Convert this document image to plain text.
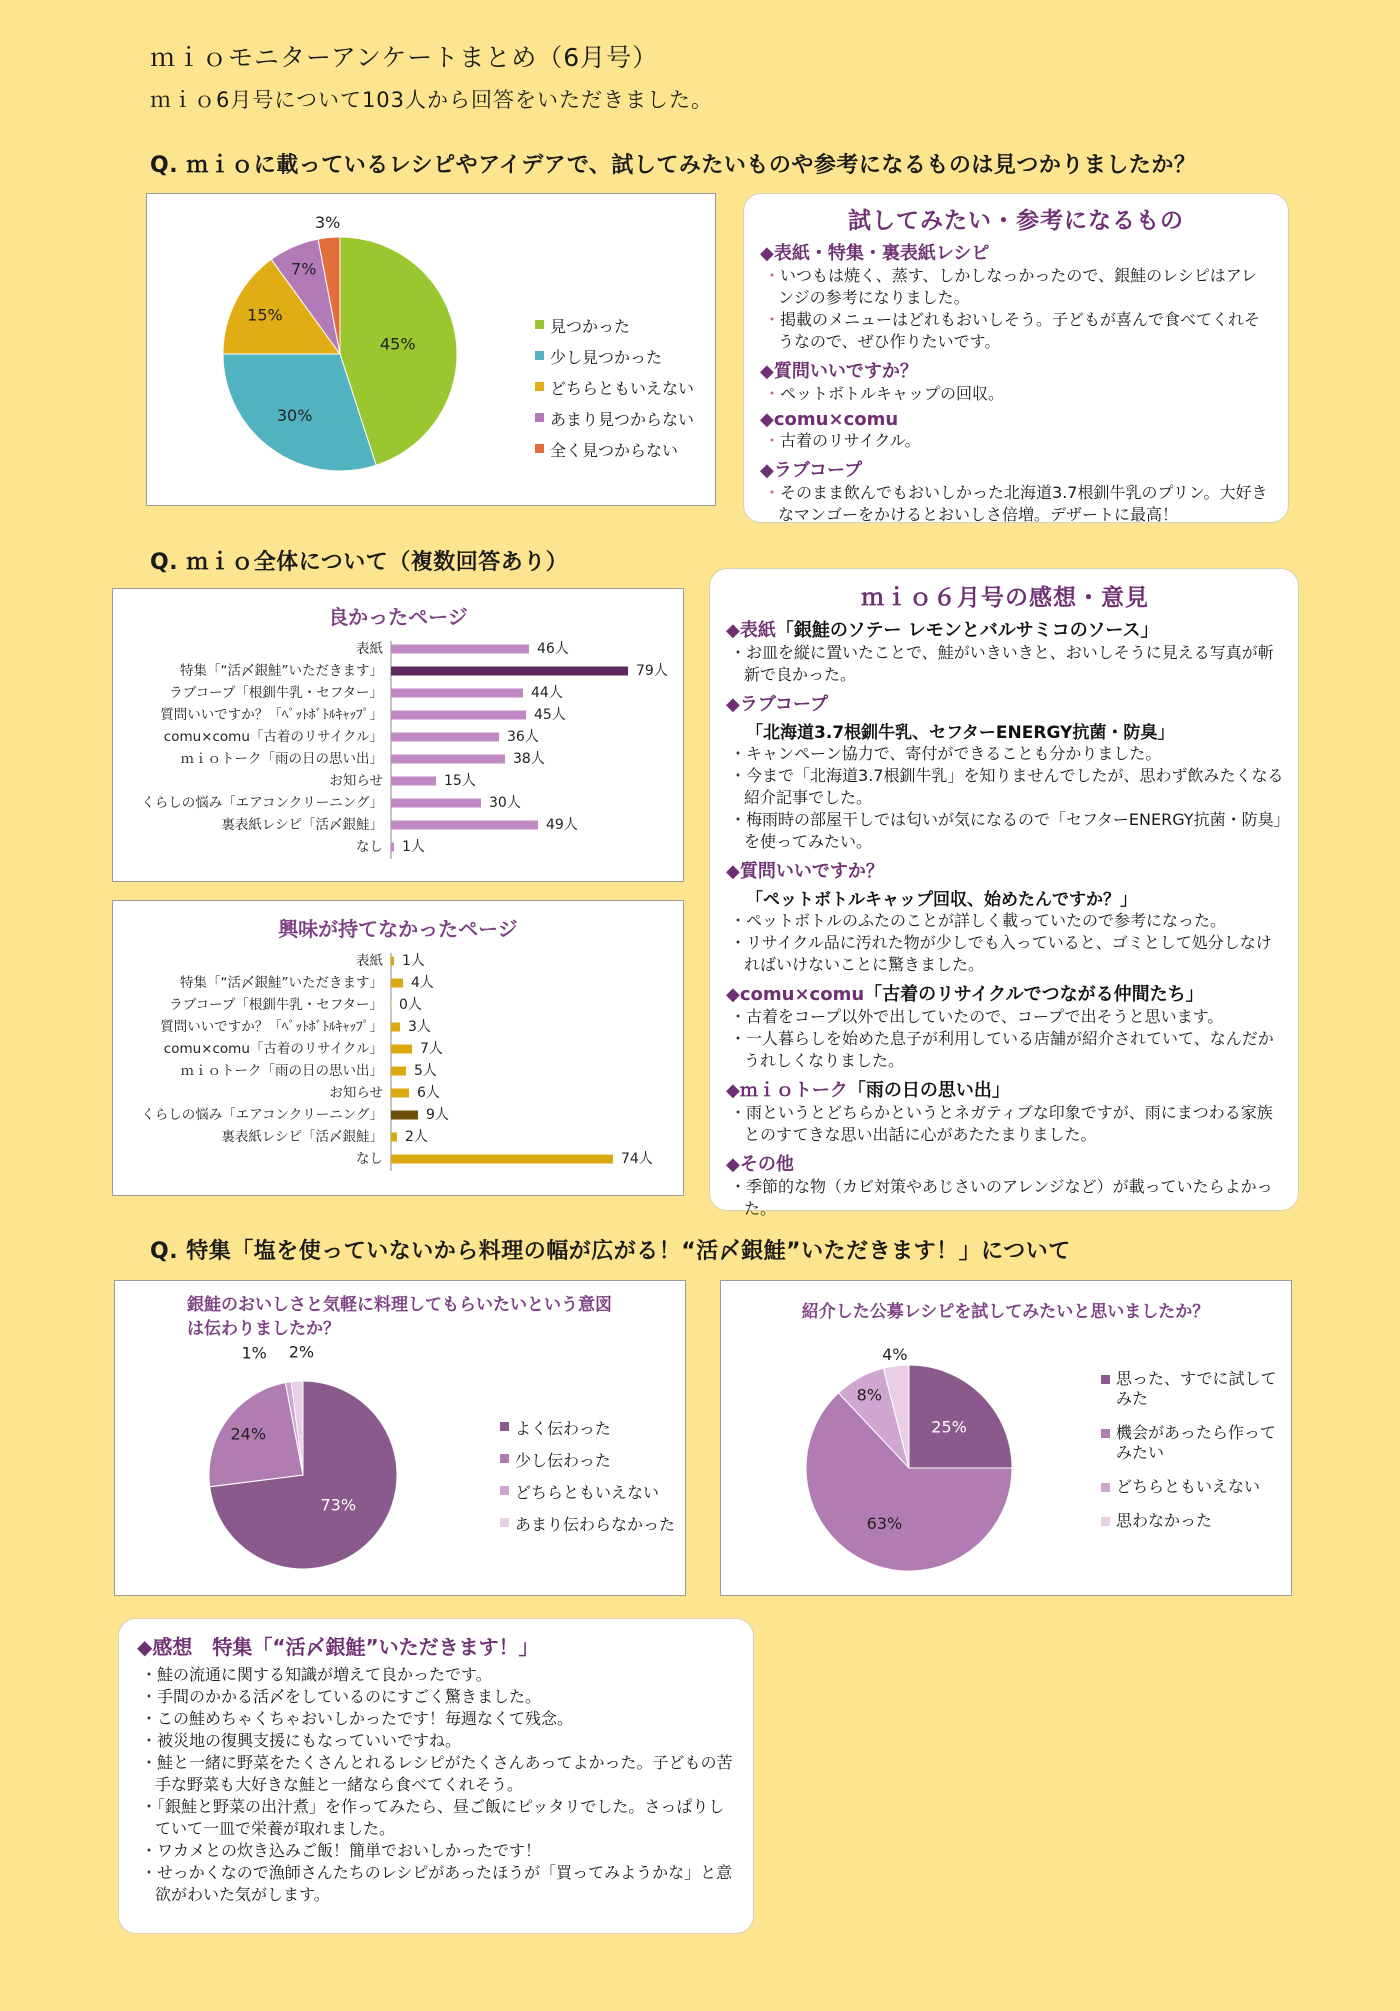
ｍｉｏモニターアンケートまとめ（6月号）
ｍｉｏ6月号について103人から回答をいただきました。
Q. ｍｉｏに載っているレシピやアイデアで、試してみたいものや参考になるものは見つかりましたか？
45%
30%
15%
7%
3%
見つかった
少し見つかった
どちらともいえない
あまり見つからない
全く見つからない
試してみたい・参考になるもの
◆表紙・特集・裏表紙レシピ
・ いつもは焼く、蒸す、しかしなっかったので、銀鮭のレシピはアレンジの参考になりました。
・ 掲載のメニューはどれもおいしそう。子どもが喜んで食べてくれそうなので、ぜひ作りたいです。
◆質問いいですか？
・ ペットボトルキャップの回収。
◆comu×comu
・ 古着のリサイクル。
◆ラブコープ
・ そのまま飲んでもおいしかった北海道3.7根釧牛乳のプリン。大好きなマンゴーをかけるとおいしさ倍増。デザートに最高！
Q. ｍｉｏ全体について（複数回答あり）
良かったページ
表紙	46人
特集「“活〆銀鮭”いただきます」	79人
ラブコープ「根釧牛乳・セフター」	44人
質問いいですか？「ﾍﾟｯﾄﾎﾞﾄﾙｷｬｯﾌﾟ」	45人
comu×comu「古着のリサイクル」	36人
ｍｉｏトーク「雨の日の思い出」	38人
お知らせ	15人
くらしの悩み「エアコンクリーニング」	30人
裏表紙レシピ「活〆銀鮭」	49人
なし 1人
興味が持てなかったページ
表紙 1人
特集「“活〆銀鮭”いただきます」 4人
ラブコープ「根釧牛乳・セフター」 0人
質問いいですか？「ﾍﾟｯﾄﾎﾞﾄﾙｷｬｯﾌﾟ」 3人
comu×comu「古着のリサイクル」	7人
ｍｉｏトーク「雨の日の思い出」 5人
お知らせ 6人
くらしの悩み「エアコンクリーニング」	9人
裏表紙レシピ「活〆銀鮭」 2人
なし	74人
ｍｉｏ６月号の感想・意見
◆表紙「銀鮭のソテー レモンとバルサミコのソース」
・ お皿を縦に置いたことで、鮭がいきいきと、おいしそうに見える写真が斬新で良かった。
◆ラブコープ
「北海道3.7根釧牛乳、セフターENERGY抗菌・防臭」
・ キャンペーン協力で、寄付ができることも分かりました。
・ 今まで「北海道3.7根釧牛乳」を知りませんでしたが、思わず飲みたくなる紹介記事でした。
・ 梅雨時の部屋干しでは匂いが気になるので「セフターENERGY抗菌・防臭」を使ってみたい。
◆質問いいですか？
「ペットボトルキャップ回収、始めたんですか？」
・ ペットボトルのふたのことが詳しく載っていたので参考になった。
・ リサイクル品に汚れた物が少しでも入っていると、ゴミとして処分しなければいけないことに驚きました。
◆comu×comu「古着のリサイクルでつながる仲間たち」
・ 古着をコープ以外で出していたので、コープで出そうと思います。
・ 一人暮らしを始めた息子が利用している店舗が紹介されていて、なんだかうれしくなりました。
◆ｍｉｏトーク「雨の日の思い出」
・ 雨というとどちらかというとネガティブな印象ですが、雨にまつわる家族とのすてきな思い出話に心があたたまりました。
◆その他
・ 季節的な物（カビ対策やあじさいのアレンジなど）が載っていたらよかった。
Q. 特集「塩を使っていないから料理の幅が広がる！“活〆銀鮭”いただきます！」について
銀鮭のおいしさと気軽に料理してもらいたいという意図は伝わりましたか？
73%
24%
1% 2%
よく伝わった
少し伝わった
どちらともいえない
あまり伝わらなかった
紹介した公募レシピを試してみたいと思いましたか？
25%
63%
8%
4%
思った、すでに試してみた
機会があったら作ってみたい
どちらともいえない
思わなかった
◆感想　特集「“活〆銀鮭”いただきます！」
・ 鮭の流通に関する知識が増えて良かったです。
・ 手間のかかる活〆をしているのにすごく驚きました。
・ この鮭めちゃくちゃおいしかったです！毎週なくて残念。
・ 被災地の復興支援にもなっていいですね。
・ 鮭と一緒に野菜をたくさんとれるレシピがたくさんあってよかった。子どもの苦手な野菜も大好きな鮭と一緒なら食べてくれそう。
・ 「銀鮭と野菜の出汁煮」を作ってみたら、昼ご飯にピッタリでした。さっぱりしていて一皿で栄養が取れました。
・ ワカメとの炊き込みご飯！簡単でおいしかったです！
・ せっかくなので漁師さんたちのレシピがあったほうが「買ってみようかな」と意欲がわいた気がします。
